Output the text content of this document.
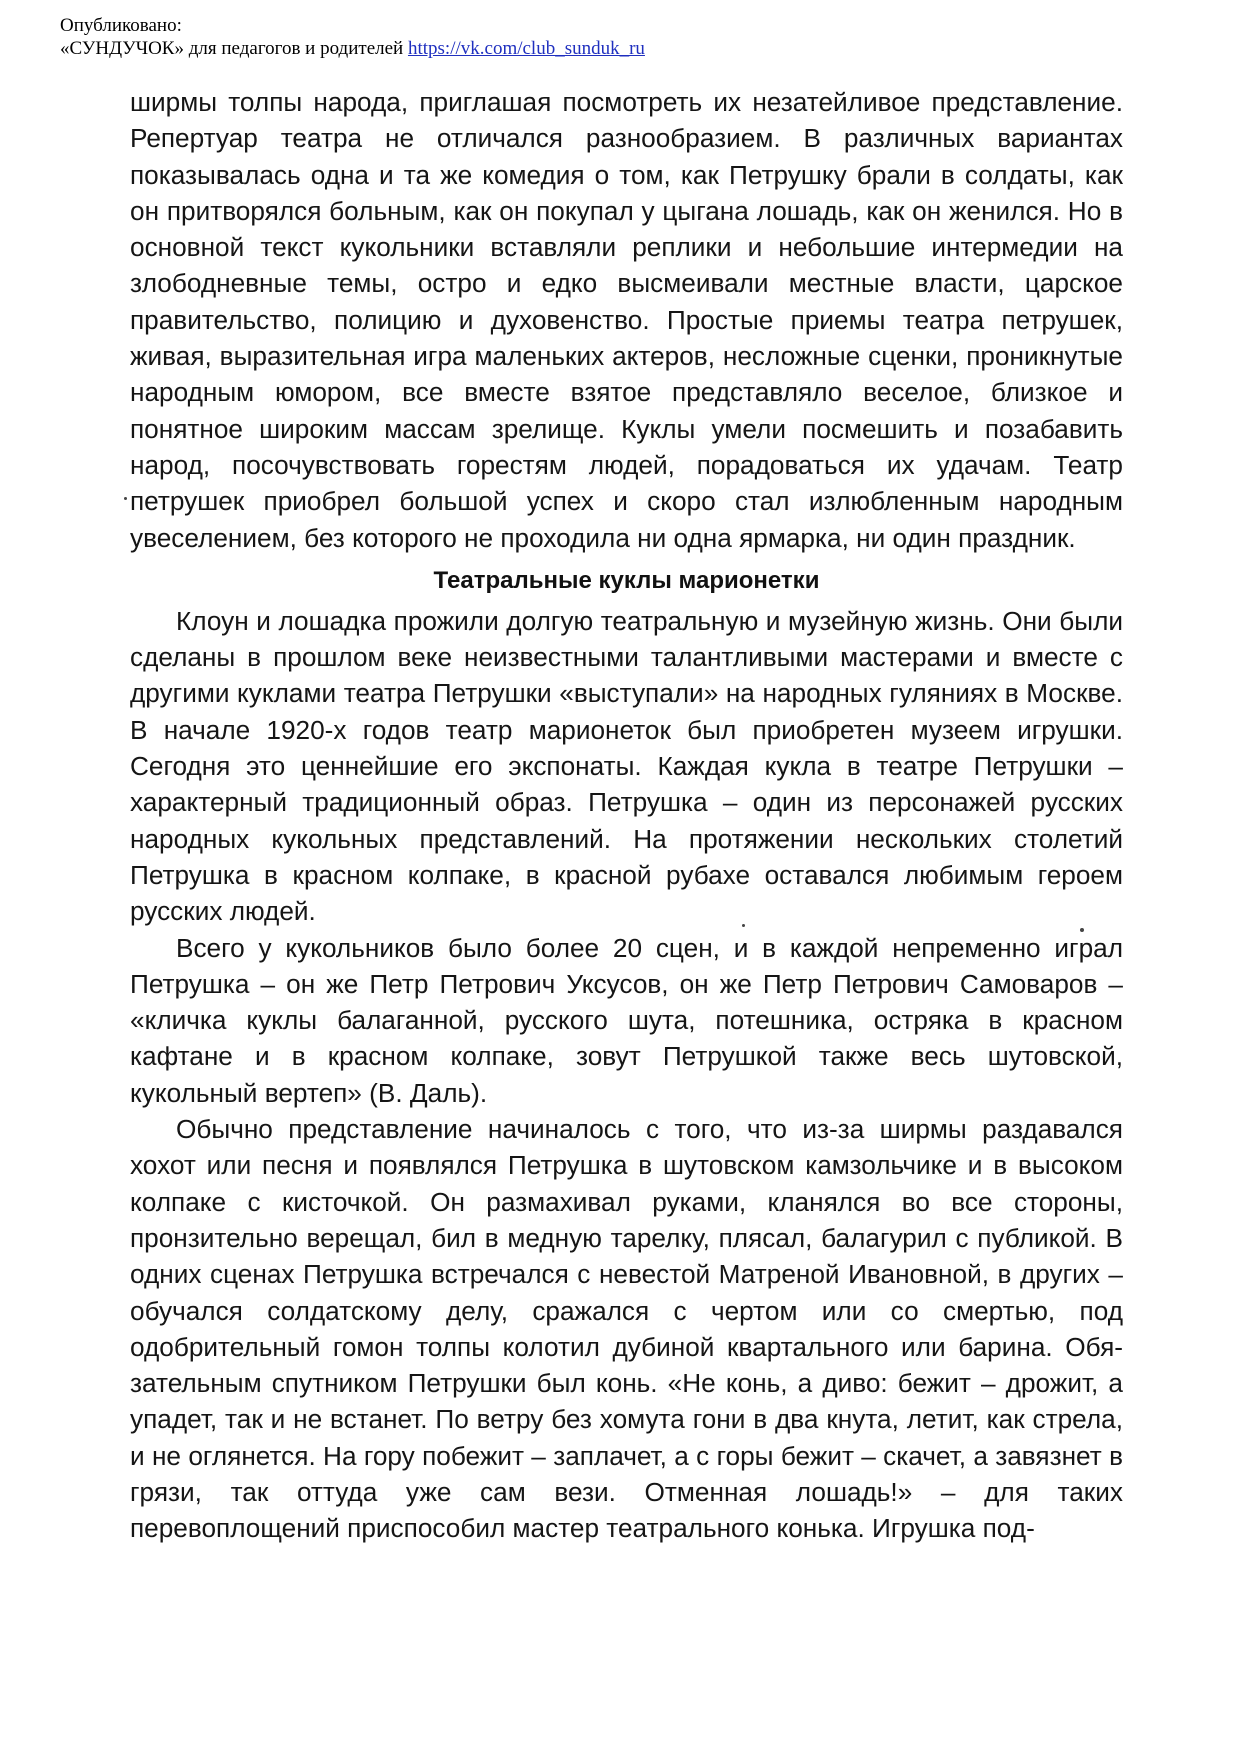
Опубликовано:
«СУНДУЧОК» для педагогов и родителей https://vk.com/club_sunduk_ru

ширмы толпы народа, приглашая посмотреть их незатейливое представление. Репертуар театра не отличался разнообразием. В различных вариантах показывалась одна и та же комедия о том, как Петрушку брали в солдаты, как он притворялся больным, как он покупал у цыгана лошадь, как он женился. Но в основной текст кукольники вставляли реплики и небольшие интермедии на злободневные темы, остро и едко высмеивали местные власти, царское правительство, полицию и духовенство. Простые приемы театра петрушек, живая, выразительная игра маленьких актеров, несложные сценки, проникнутые народным юмором, все вместе взятое представляло веселое, близкое и понятное широким массам зрелище. Куклы умели посмешить и позабавить народ, посочувствовать горестям людей, порадоваться их удачам. Театр петрушек приобрел большой успех и скоро стал излюбленным народным увеселением, без которого не проходила ни одна ярмарка, ни один праздник.

Театральные куклы марионетки

Клоун и лошадка прожили долгую театральную и музейную жизнь. Они были сделаны в прошлом веке неизвестными талантливыми мастерами и вместе с другими куклами театра Петрушки «выступали» на народных гуляниях в Москве. В начале 1920-х годов театр марионеток был приобретен музеем игрушки. Сегодня это ценнейшие его экспонаты. Каждая кукла в театре Петрушки – характерный традиционный образ. Петрушка – один из персонажей русских народных кукольных представлений. На протяжении нескольких столетий Петрушка в красном колпаке, в красной рубахе оставался любимым героем русских людей.

Всего у кукольников было более 20 сцен, и в каждой непременно играл Петрушка – он же Петр Петрович Уксусов, он же Петр Петрович Самоваров – «кличка куклы балаганной, русского шута, потешника, остряка в красном кафтане и в красном колпаке, зовут Петрушкой также весь шутовской, кукольный вертеп» (В. Даль).

Обычно представление начиналось с того, что из-за ширмы раздавался хохот или песня и появлялся Петрушка в шутовском камзольчике и в высоком колпаке с кисточкой. Он размахивал руками, кланялся во все стороны, пронзительно верещал, бил в медную тарелку, плясал, балагурил с публикой. В одних сценах Петрушка встречался с невестой Матреной Ивановной, в других – обучался солдатскому делу, сражался с чертом или со смертью, под одобрительный гомон толпы колотил дубиной квартального или барина. Обязательным спутником Петрушки был конь. «Не конь, а диво: бежит – дрожит, а упадет, так и не встанет. По ветру без хомута гони в два кнута, летит, как стрела, и не оглянется. На гору побежит – заплачет, а с горы бежит – скачет, а завязнет в грязи, так оттуда уже сам вези. Отменная лошадь!» – для таких перевоплощений приспособил мастер театрального конька. Игрушка под-
